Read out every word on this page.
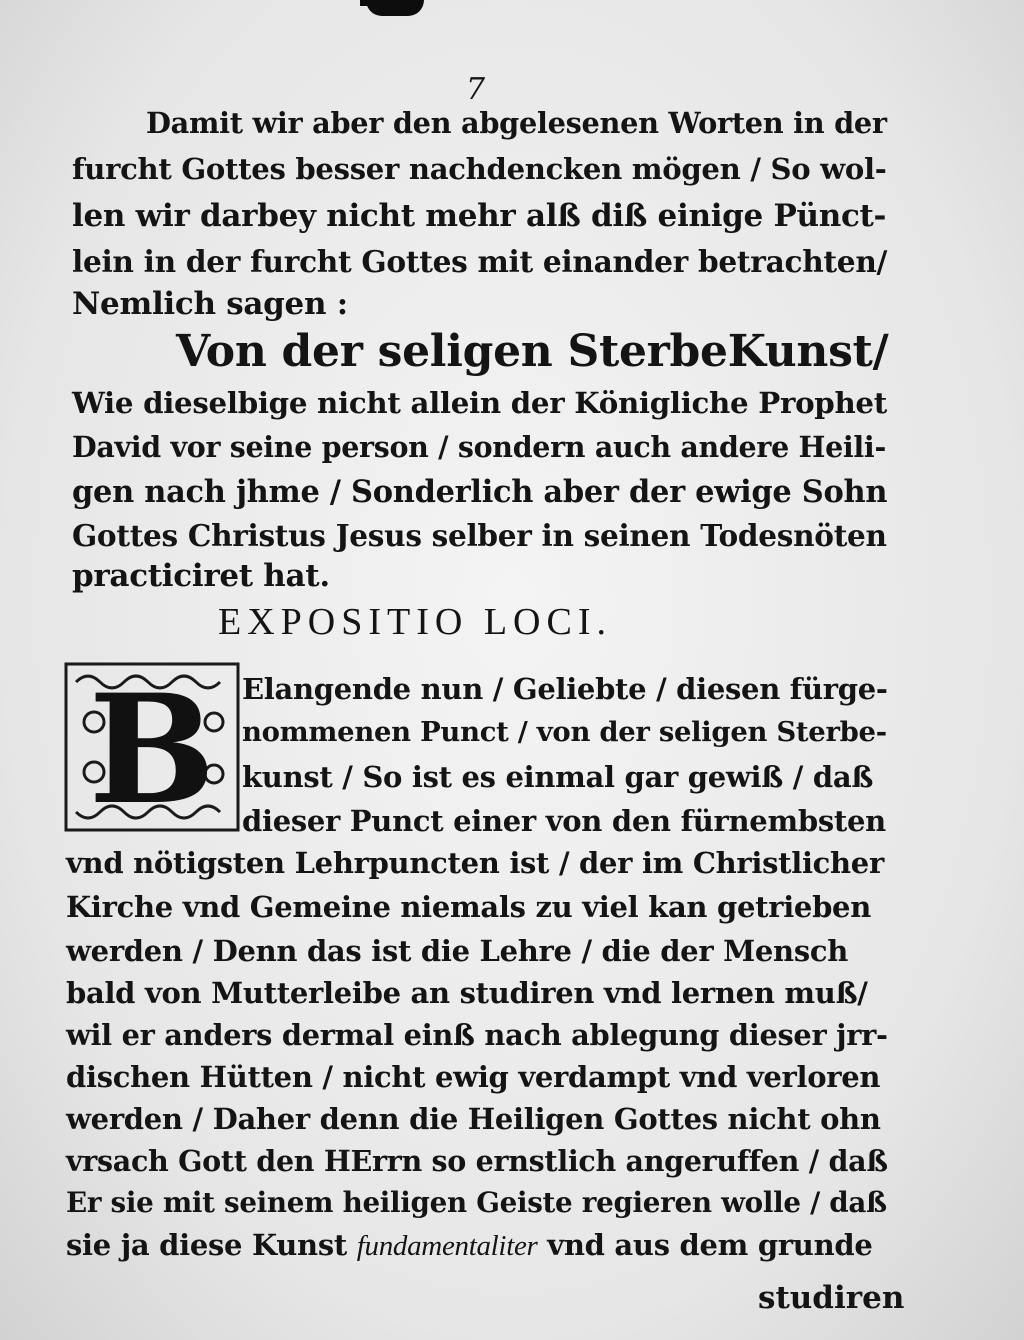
7
Damit wir aber den abgelesenen Worten in der
furcht Gottes besser nachdencken mögen / So wol-
len wir darbey nicht mehr alß diß einige Pünct-
lein in der furcht Gottes mit einander betrachten/
Nemlich sagen :
Von der seligen SterbeKunst/
Wie dieselbige nicht allein der Königliche Prophet
David vor seine person / sondern auch andere Heili-
gen nach jhme / Sonderlich aber der ewige Sohn
Gottes Christus Jesus selber in seinen Todesnöten
practiciret hat.
EXPOSITIO LOCI.
B Elangende nun / Geliebte / diesen fürge-
nommenen Punct / von der seligen Sterbe-
kunst / So ist es einmal gar gewiß / daß
dieser Punct einer von den fürnembsten
vnd nötigsten Lehrpuncten ist / der im Christlicher
Kirche vnd Gemeine niemals zu viel kan getrieben
werden / Denn das ist die Lehre / die der Mensch
bald von Mutterleibe an studiren vnd lernen muß/
wil er anders dermal einß nach ablegung dieser jrr-
dischen Hütten / nicht ewig verdampt vnd verloren
werden / Daher denn die Heiligen Gottes nicht ohn
vrsach Gott den HErrn so ernstlich angeruffen / daß
Er sie mit seinem heiligen Geiste regieren wolle / daß
sie ja diese Kunst fundamentaliter vnd aus dem grunde
studiren
